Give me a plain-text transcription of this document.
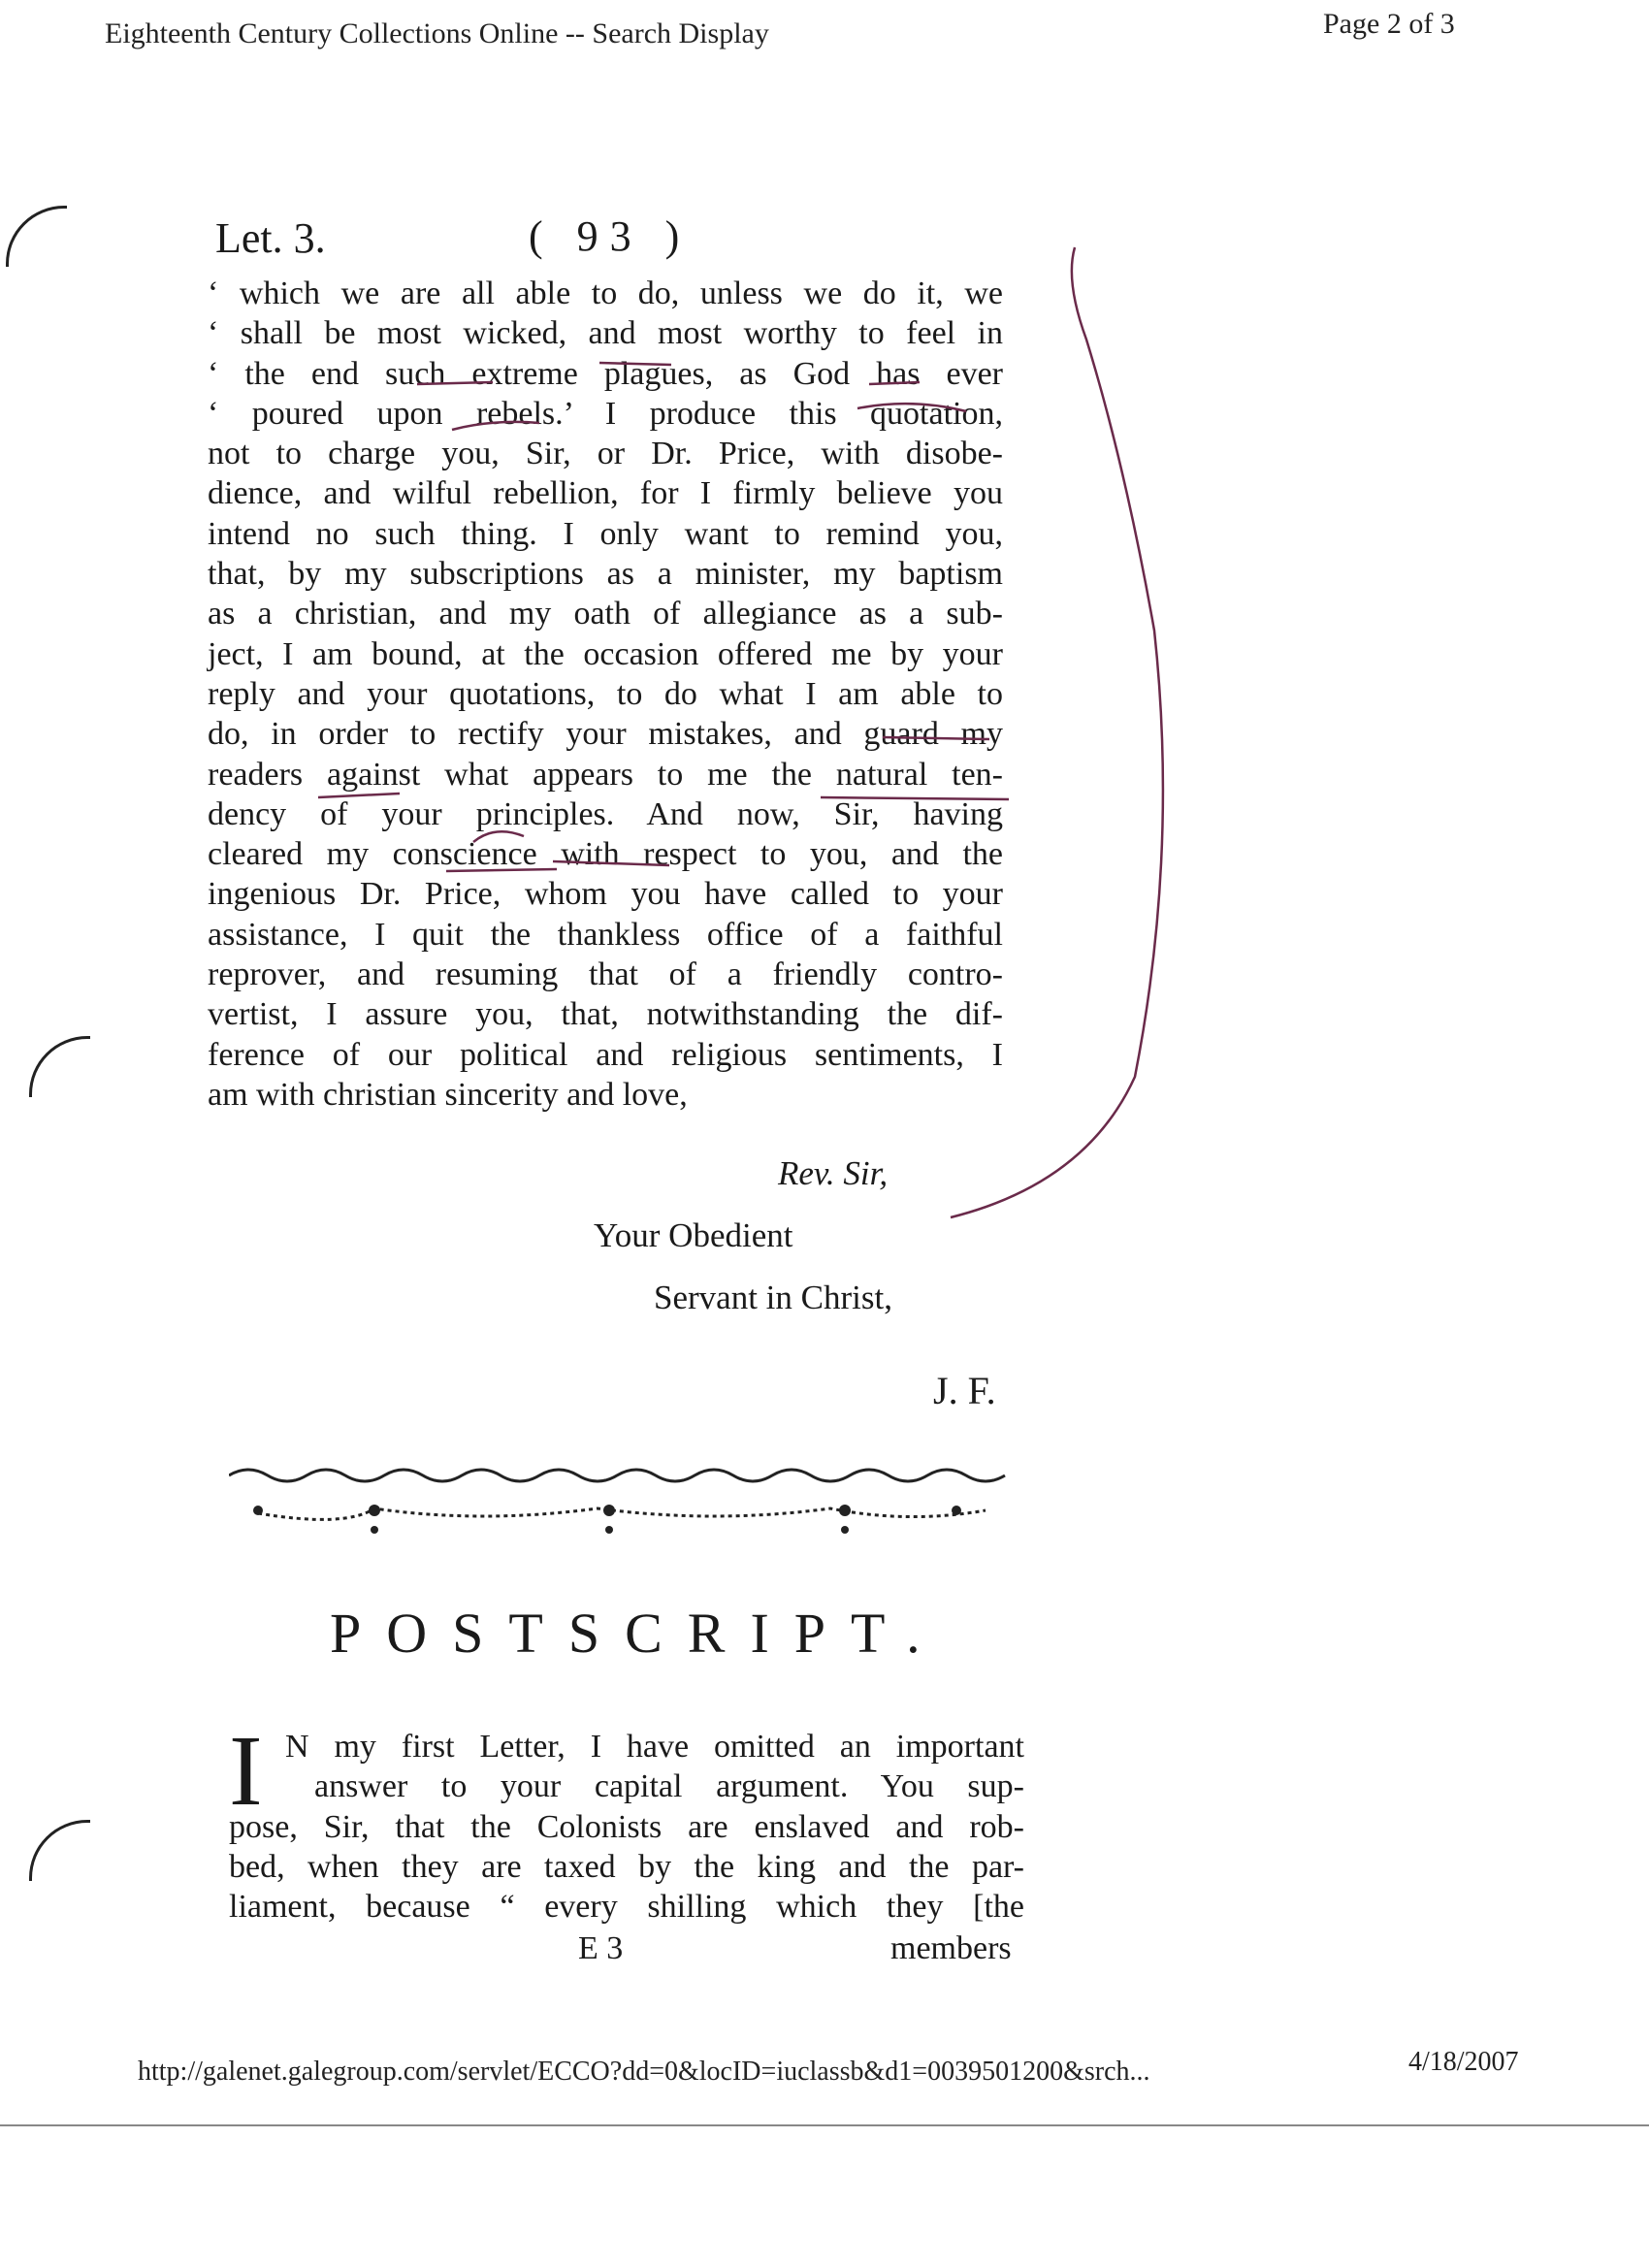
Eighteenth Century Collections Online -- Search Display	Page 2 of 3
Let. 3.	( 93 )
‘ which we are all able to do, unless we do it, we
‘ shall be most wicked, and most worthy to feel in
‘ the end such extreme plagues, as God has ever
‘ poured upon rebels.’ I produce this quotation,
not to charge you, Sir, or Dr. Price, with disobe-
dience, and wilful rebellion, for I firmly believe you
intend no such thing. I only want to remind you,
that, by my subscriptions as a minister, my baptism
as a christian, and my oath of allegiance as a sub-
ject, I am bound, at the occasion offered me by your
reply and your quotations, to do what I am able to
do, in order to rectify your mistakes, and guard my
readers against what appears to me the natural ten-
dency of your principles. And now, Sir, having
cleared my conscience with respect to you, and the
ingenious Dr. Price, whom you have called to your
assistance, I quit the thankless office of a faithful
reprover, and resuming that of a friendly contro-
vertist, I assure you, that, notwithstanding the dif-
ference of our political and religious sentiments, I
am with christian sincerity and love,
Rev. Sir,
Your Obedient
Servant in Christ,
J. F.
POSTSCRIPT.
I N my first Letter, I have omitted an important
answer to your capital argument. You sup-
pose, Sir, that the Colonists are enslaved and rob-
bed, when they are taxed by the king and the par-
liament, because “ every shilling which they [the
E 3	members
http://galenet.galegroup.com/servlet/ECCO?dd=0&locID=iuclassb&d1=0039501200&srch...	4/18/2007
